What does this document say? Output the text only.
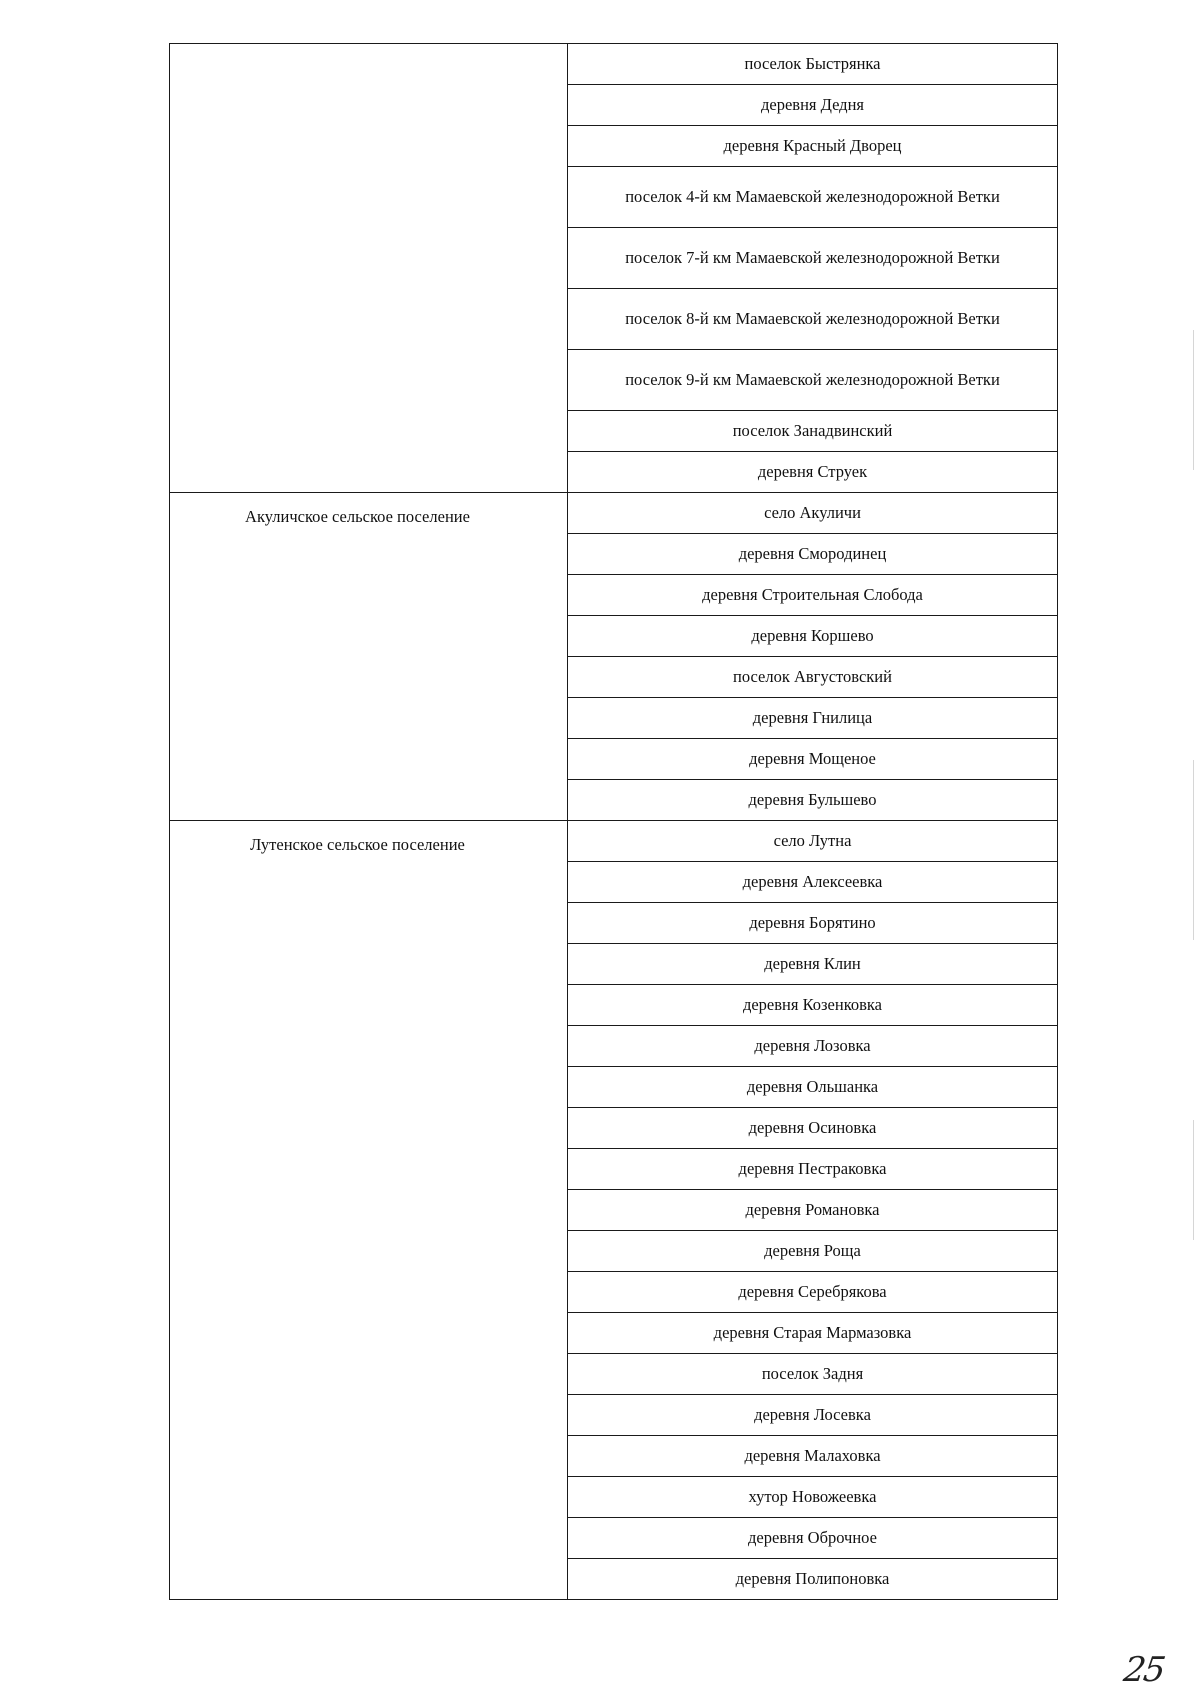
	поселок Быстрянка
	деревня Дедня
	деревня Красный Дворец
	поселок 4-й км Мамаевской железнодорожной Ветки
	поселок 7-й км Мамаевской железнодорожной Ветки
	поселок 8-й км Мамаевской железнодорожной Ветки
	поселок 9-й км Мамаевской железнодорожной Ветки
	поселок Занадвинский
	деревня Струек

Акуличское сельское поселение	село Акуличи
	деревня Смородинец
	деревня Строительная Слобода
	деревня Коршево
	поселок Августовский
	деревня Гнилица
	деревня Мощеное
	деревня Бульшево

Лутенское сельское поселение	село Лутна
	деревня Алексеевка
	деревня Борятино
	деревня Клин
	деревня Козенковка
	деревня Лозовка
	деревня Ольшанка
	деревня Осиновка
	деревня Пестраковка
	деревня Романовка
	деревня Роща
	деревня Серебрякова
	деревня Старая Мармазовка
	поселок Задня
	деревня Лосевка
	деревня Малаховка
	хутор Новожеевка
	деревня Оброчное
	деревня Полипоновка
25
